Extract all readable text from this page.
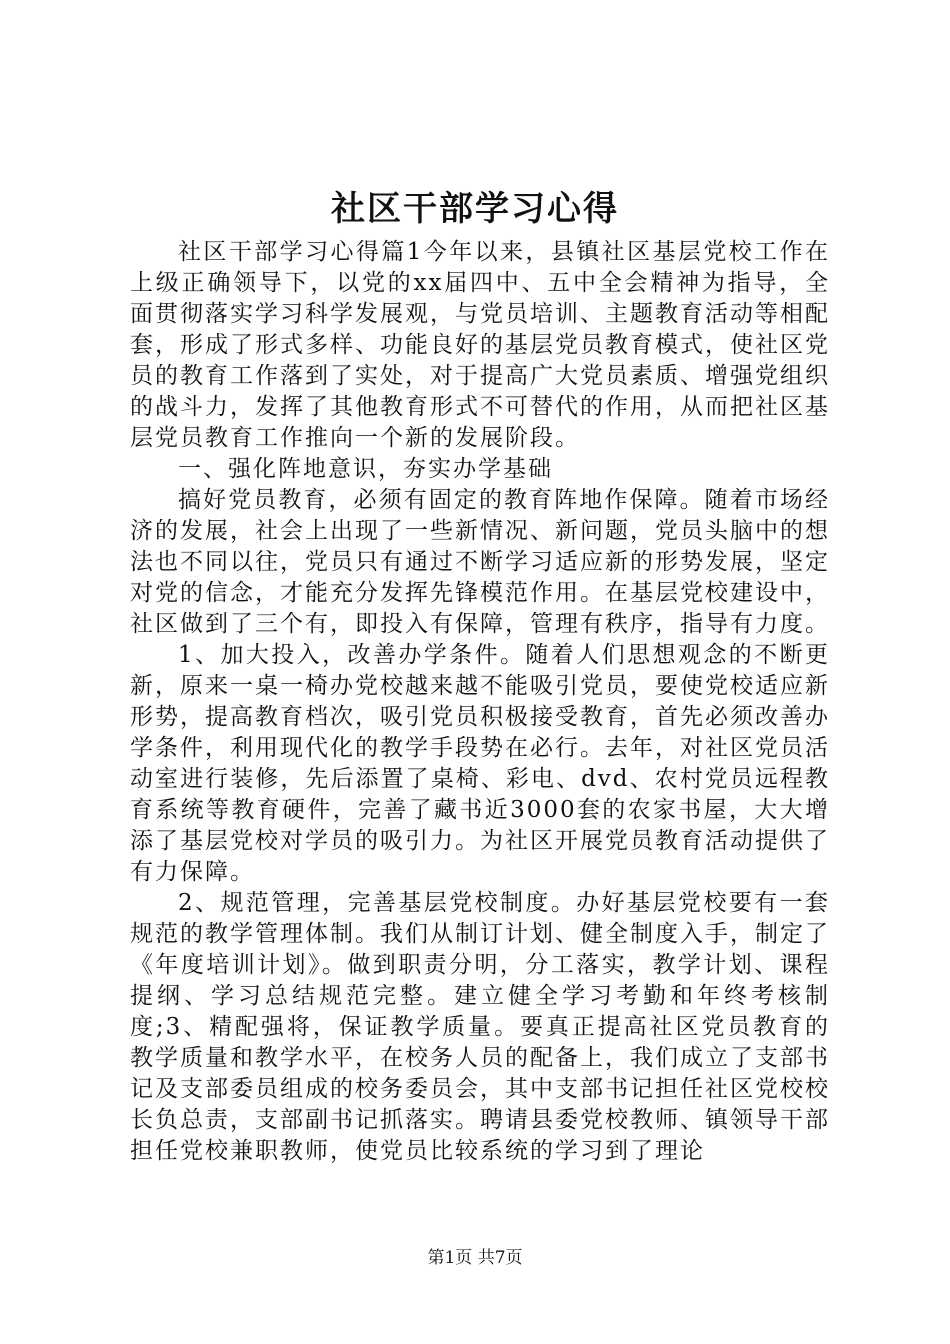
社区干部学习心得

社区干部学习心得篇1今年以来，县镇社区基层党校工作在上级正确领导下，以党的xx届四中、五中全会精神为指导，全面贯彻落实学习科学发展观，与党员培训、主题教育活动等相配套，形成了形式多样、功能良好的基层党员教育模式，使社区党员的教育工作落到了实处，对于提高广大党员素质、增强党组织的战斗力，发挥了其他教育形式不可替代的作用，从而把社区基层党员教育工作推向一个新的发展阶段。

一、强化阵地意识，夯实办学基础

搞好党员教育，必须有固定的教育阵地作保障。随着市场经济的发展，社会上出现了一些新情况、新问题，党员头脑中的想法也不同以往，党员只有通过不断学习适应新的形势发展，坚定对党的信念，才能充分发挥先锋模范作用。在基层党校建设中，社区做到了三个有，即投入有保障，管理有秩序，指导有力度。

1、加大投入，改善办学条件。随着人们思想观念的不断更新，原来一桌一椅办党校越来越不能吸引党员，要使党校适应新形势，提高教育档次，吸引党员积极接受教育，首先必须改善办学条件，利用现代化的教学手段势在必行。去年，对社区党员活动室进行装修，先后添置了桌椅、彩电、dvd、农村党员远程教育系统等教育硬件，完善了藏书近3000套的农家书屋，大大增添了基层党校对学员的吸引力。为社区开展党员教育活动提供了有力保障。

2、规范管理，完善基层党校制度。办好基层党校要有一套规范的教学管理体制。我们从制订计划、健全制度入手，制定了《年度培训计划》。做到职责分明，分工落实，教学计划、课程提纲、学习总结规范完整。建立健全学习考勤和年终考核制度;3、精配强将，保证教学质量。要真正提高社区党员教育的教学质量和教学水平，在校务人员的配备上，我们成立了支部书记及支部委员组成的校务委员会，其中支部书记担任社区党校校长负总责，支部副书记抓落实。聘请县委党校教师、镇领导干部担任党校兼职教师，使党员比较系统的学习到了理论

第1页 共7页
